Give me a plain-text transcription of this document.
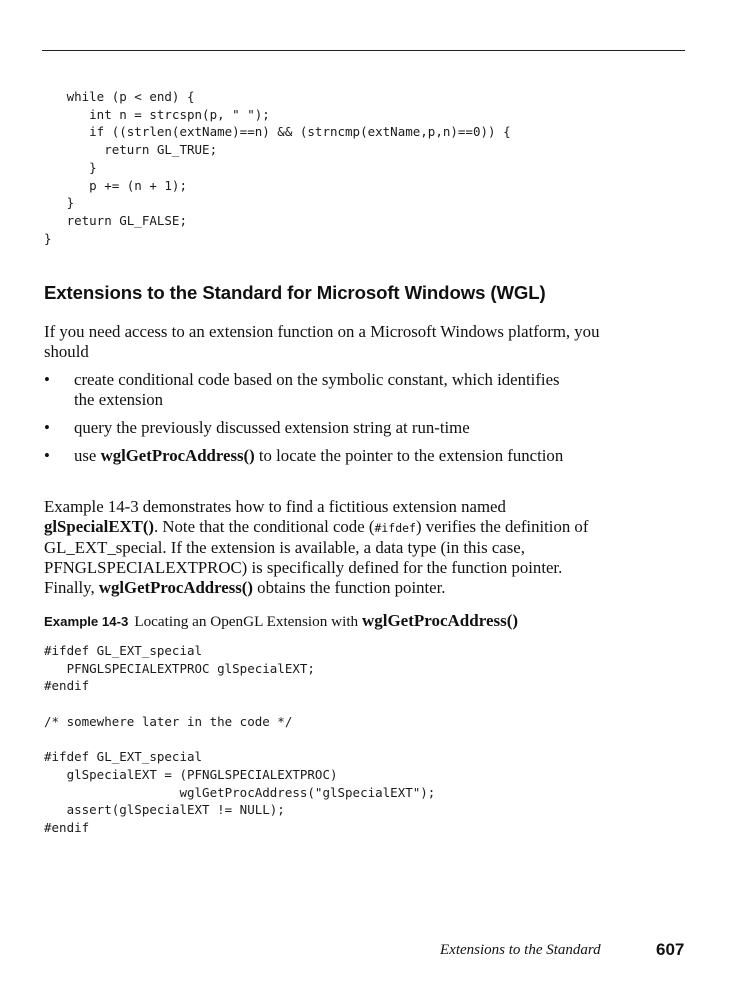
while (p < end) {
int n = strcspn(p, " ");
if ((strlen(extName)==n) && (strncmp(extName,p,n)==0)) {
return GL_TRUE;
}
p += (n + 1);
}
return GL_FALSE;
}
Extensions to the Standard for Microsoft Windows (WGL)

If you need access to an extension function on a Microsoft Windows platform, you should

• create conditional code based on the symbolic constant, which identifies the extension
• query the previously discussed extension string at run-time
• use wglGetProcAddress() to locate the pointer to the extension function

Example 14-3 demonstrates how to find a fictitious extension named glSpecialEXT(). Note that the conditional code (#ifdef) verifies the definition of GL_EXT_special. If the extension is available, a data type (in this case, PFNGLSPECIALEXTPROC) is specifically defined for the function pointer. Finally, wglGetProcAddress() obtains the function pointer.

Example 14-3 Locating an OpenGL Extension with wglGetProcAddress()
#ifdef GL_EXT_special
PFNGLSPECIALEXTPROC glSpecialEXT;
#endif

/* somewhere later in the code */

#ifdef GL_EXT_special
glSpecialEXT = (PFNGLSPECIALEXTPROC)
wglGetProcAddress("glSpecialEXT");
assert(glSpecialEXT != NULL);
#endif
Extensions to the Standard	607
